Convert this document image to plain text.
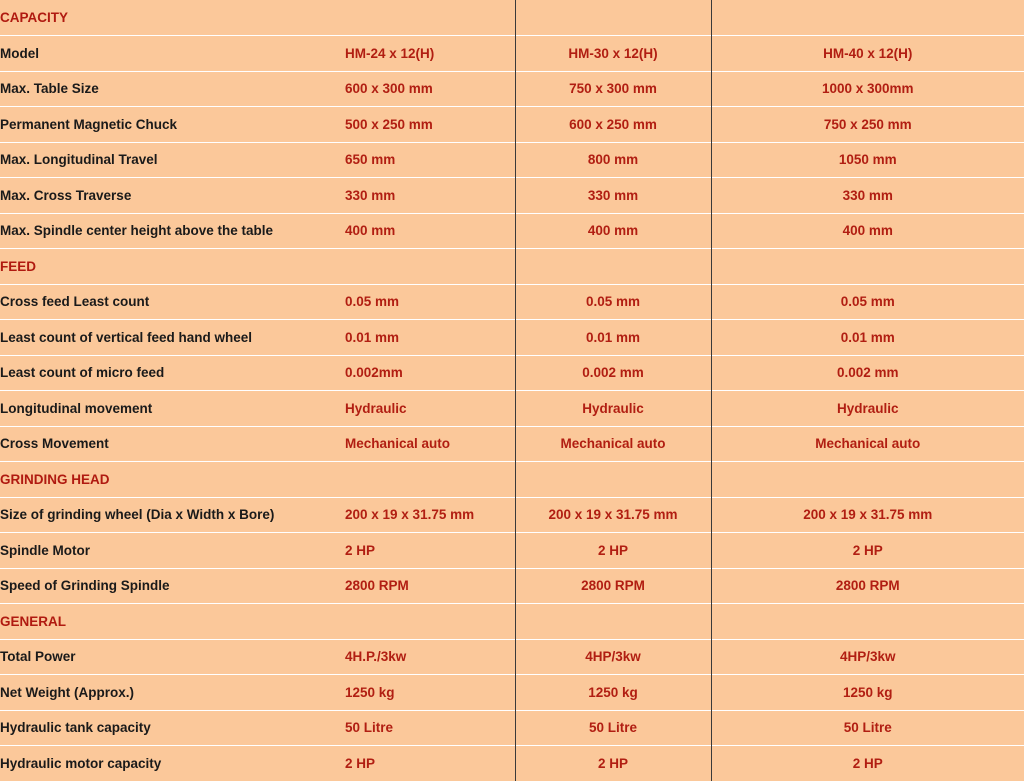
CAPACITY			
Model	HM-24 x 12(H)	HM-30 x 12(H)	HM-40 x 12(H)
Max. Table Size	600 x 300 mm	750 x 300 mm	1000 x 300mm
Permanent Magnetic Chuck	500 x 250 mm	600 x 250 mm	750 x 250 mm
Max. Longitudinal Travel	650 mm	800 mm	1050 mm
Max. Cross Traverse	330 mm	330 mm	330 mm
Max. Spindle center height above the table	400 mm	400 mm	400 mm
FEED			
Cross feed Least count	0.05 mm	0.05 mm	0.05 mm
Least count of vertical feed hand wheel	0.01 mm	0.01 mm	0.01 mm
Least count of micro feed	0.002mm	0.002 mm	0.002 mm
Longitudinal movement	Hydraulic	Hydraulic	Hydraulic
Cross Movement	Mechanical auto	Mechanical auto	Mechanical auto
GRINDING HEAD			
Size of grinding wheel (Dia x Width x Bore)	200 x 19 x 31.75 mm	200 x 19 x 31.75 mm	200 x 19 x 31.75 mm
Spindle Motor	2 HP	2 HP	2 HP
Speed of Grinding Spindle	2800 RPM	2800 RPM	2800 RPM
GENERAL			
Total Power	4H.P./3kw	4HP/3kw	4HP/3kw
Net Weight (Approx.)	1250 kg	1250 kg	1250 kg
Hydraulic tank capacity	50 Litre	50 Litre	50 Litre
Hydraulic motor capacity	2 HP	2 HP	2 HP
